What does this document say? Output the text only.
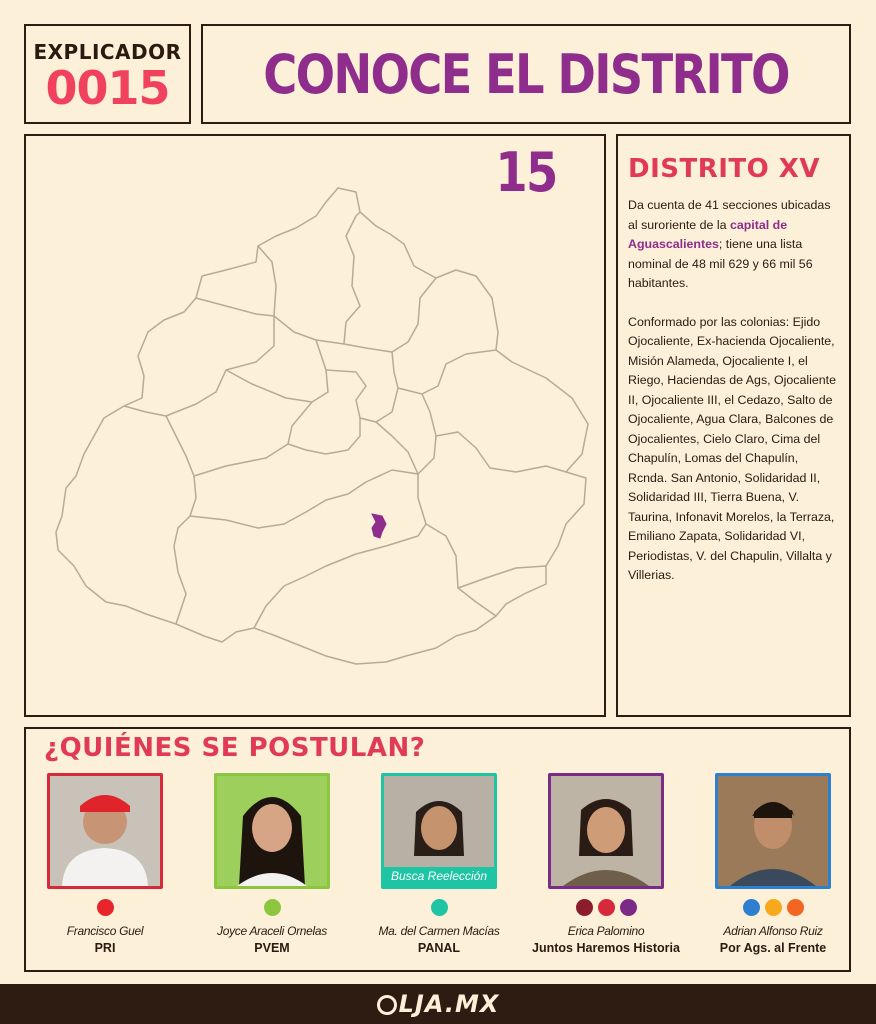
EXPLICADOR
0015	CONOCE EL DISTRITO 15	DISTRITO XV

Da cuenta de 41 secciones ubicadas al suroriente de la capital de Aguascalientes; tiene una lista nominal de 48 mil 629 y 66 mil 56 habitantes.

Conformado por las colonias: Ejido Ojocaliente, Ex-hacienda Ojocaliente, Misión Alameda, Ojocaliente I, el Riego, Haciendas de Ags, Ojocaliente II, Ojocaliente III, el Cedazo, Salto de Ojocaliente, Agua Clara, Balcones de Ojocalientes, Cielo Claro, Cima del Chapulín, Lomas del Chapulín, Rcnda. San Antonio, Solidaridad II, Solidaridad III, Tierra Buena, V. Taurina, Infonavit Morelos, la Terraza, Emiliano Zapata, Solidaridad VI, Periodistas, V. del Chapulin, Villalta y Villerias.

¿QUIÉNES SE POSTULAN?
Francisco Guel
PRI
Joyce Araceli Ornelas
PVEM
Busca Reelección
Ma. del Carmen Macías
PANAL
Erica Palomino
Juntos Haremos Historia
Adrian Alfonso Ruiz
Por Ags. al Frente
LJA.MX
